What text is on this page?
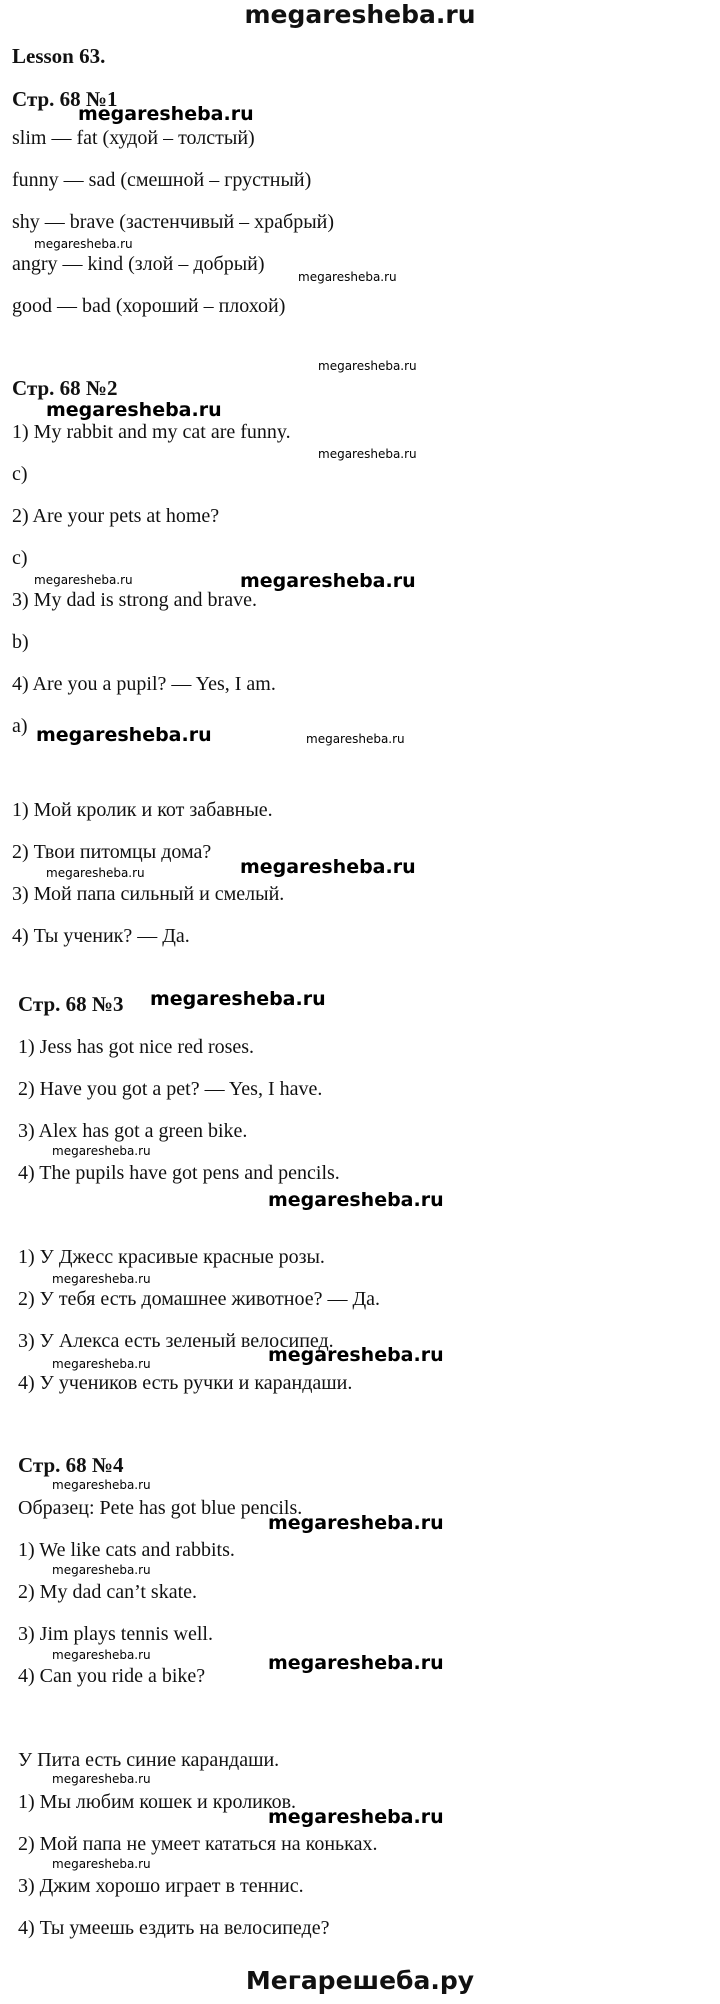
megaresheba.ru
Lesson 63.
Стр. 68 №1
slim — fat (худой – толстый)
funny — sad (смешной – грустный)
shy — brave (застенчивый – храбрый)
angry — kind (злой – добрый)
good — bad (хороший – плохой)
Стр. 68 №2
1) My rabbit and my cat are funny.
c)
2) Are your pets at home?
c)
3) My dad is strong and brave.
b)
4) Are you a pupil? — Yes, I am.
a)
1) Мой кролик и кот забавные.
2) Твои питомцы дома?
3) Мой папа сильный и смелый.
4) Ты ученик? — Да.
Стр. 68 №3
1) Jess has got nice red roses.
2) Have you got a pet? — Yes, I have.
3) Alex has got a green bike.
4) The pupils have got pens and pencils.
1) У Джесс красивые красные розы.
2) У тебя есть домашнее животное? — Да.
3) У Алекса есть зеленый велосипед.
4) У учеников есть ручки и карандаши.
Стр. 68 №4
Образец: Pete has got blue pencils.
1) We like cats and rabbits.
2) My dad can’t skate.
3) Jim plays tennis well.
4) Can you ride a bike?
У Пита есть синие карандаши.
1) Мы любим кошек и кроликов.
2) Мой папа не умеет кататься на коньках.
3) Джим хорошо играет в теннис.
4) Ты умеешь ездить на велосипеде?
megaresheba.ru
megaresheba.ru
megaresheba.ru
megaresheba.ru
megaresheba.ru
megaresheba.ru
megaresheba.ru	megaresheba.ru
megaresheba.ru	megaresheba.ru
megaresheba.ru	megaresheba.ru
megaresheba.ru
megaresheba.ru
megaresheba.ru
megaresheba.ru
megaresheba.ru	megaresheba.ru
megaresheba.ru
megaresheba.ru
megaresheba.ru
megaresheba.ru	megaresheba.ru
megaresheba.ru
megaresheba.ru
megaresheba.ru
Мегарешеба.ру
